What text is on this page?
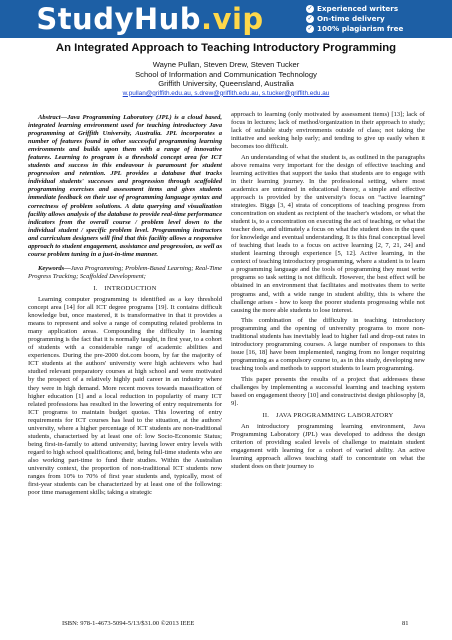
StudyHub .vip	✓ Experienced writers
✓ On-time delivery
✓ 100% plagiarism free
An Integrated Approach to Teaching Introductory Programming
Wayne Pullan, Steven Drew, Steven Tucker
School of Information and Communication Technology
Griffith University, Queensland, Australia
w.pullan@griffith.edu.au, s.drew@griffith.edu.au, s.tucker@griffith.edu.au

Abstract—Java Programming Laboratory (JPL) is a cloud based, integrated learning environment used for teaching introductory Java programming at Griffith University, Australia. JPL incorporates a number of features found in other successful programming learning environments and builds upon them with a range of innovative features. Learning to program is a threshold concept area for ICT students and success in this endeavour is paramount for student progression and retention. JPL provides a database that tracks individual students' successes and progression through scaffolded programming exercises and assessment items and gives students immediate feedback on their use of programming language syntax and correctness of problem solutions. A data querying and visualization facility allows analysis of the database to provide real-time performance indicators from the overall course / problem level down to the individual student / specific problem level. Programming instructors and curriculum designers will find that this facility allows a responsive approach to student engagement, assistance and progression, as well as course problem tuning in a just-in-time manner.

Keywords—Java Programming; Problem-Based Learning; Real-Time Progress Tracking; Scaffolded Development;

I. INTRODUCTION

Learning computer programming is identified as a key threshold concept area [14] for all ICT degree programs [19]. It contains difficult knowledge but, once mastered, it is transformative in that it provides a means to represent and solve a range of computing related problems in many application areas. Compounding the difficulty in learning programming is the fact that it is normally taught, in first year, to a cohort of students with a considerable range of academic abilities and experiences. During the pre-2000 dot.com boom, by far the majority of ICT students at the authors' university were high achievers who had studied relevant preparatory courses at high school and were motivated by the prospect of a relatively highly paid career in an industry where they were in high demand. More recent moves towards massification of higher education [1] and a local reduction in popularity of many ICT related professions has resulted in the lowering of entry requirements for ICT programs to maintain budget quotas. This lowering of entry requirements for ICT courses has lead to the situation, at the authors' university, where a higher percentage of ICT students are non-traditional students, characterised by at least one of: low Socio-Economic Status; being first-in-family to attend university; having lower entry levels with regard to high school qualifications; and, being full-time students who are also working part-time to fund their studies. Within the Australian university context, the proportion of non-traditional ICT students now ranges from 10% to 70% of first year students and, typically, most of first-year students can be characterized by at least one of the following: poor time management skills; taking a strategic

approach to learning (only motivated by assessment items) [13]; lack of focus in lectures; lack of method/organization in their approach to study; lack of suitable study environments outside of class; not taking the initiative and seeking help early; and tending to give up easily when it becomes too difficult.

An understanding of what the student is, as outlined in the paragraphs above remains very important for the design of effective teaching and learning activities that support the tasks that students are to engage with in their learning journey. In the professional setting, where most academics are untrained in educational theory, a simple and effective approach is provided by the university's focus on “active learning” strategies. Biggs [3, 4] strata of conceptions of teaching progress from concentration on student as recipient of the teacher's wisdom, or what the student is, to a concentration on executing the act of teaching, or what the teacher does, and ultimately a focus on what the student does in the quest for knowledge and eventual understanding. It is this final conceptual level of teaching that leads to a focus on active learning [2, 7, 21, 24] and student learning through experience [5, 12]. Active learning, in the context of teaching introductory programming, where a student is to learn a programming language and the tools of programming they must write programs so task setting is not difficult. However, the best effect will be obtained in an environment that facilitates and motivates them to write programs and, with a wide range in student ability, this is where the challenge arises - how to keep the poorer students progressing while not causing the more able students to lose interest.

This combination of the difficulty in teaching introductory programming and the opening of university programs to more non-traditional students has inevitably lead to higher fail and drop-out rates in introductory programming courses. A large number of responses to this issue [16, 18] have been implemented, ranging from no longer requiring programming as a compulsory course to, as in this study, developing new teaching tools and methods to support students to learn programming.

This paper presents the results of a project that addresses these challenges by implementing a successful learning and teaching system based on engagement theory [10] and constructivist design philosophy [8, 9].

II. JAVA PROGRAMMING LABORATORY

An introductory programming learning environment, Java Programming Laboratory (JPL) was developed to address the design criterion of providing scaled levels of challenge to maintain student engagement with learning for a cohort of varied ability. An active learning approach allows teaching staff to concentrate on what the student does on their journey to

ISBN: 978-1-4673-5094-5/13/$31.00 ©2013 IEEE	81
